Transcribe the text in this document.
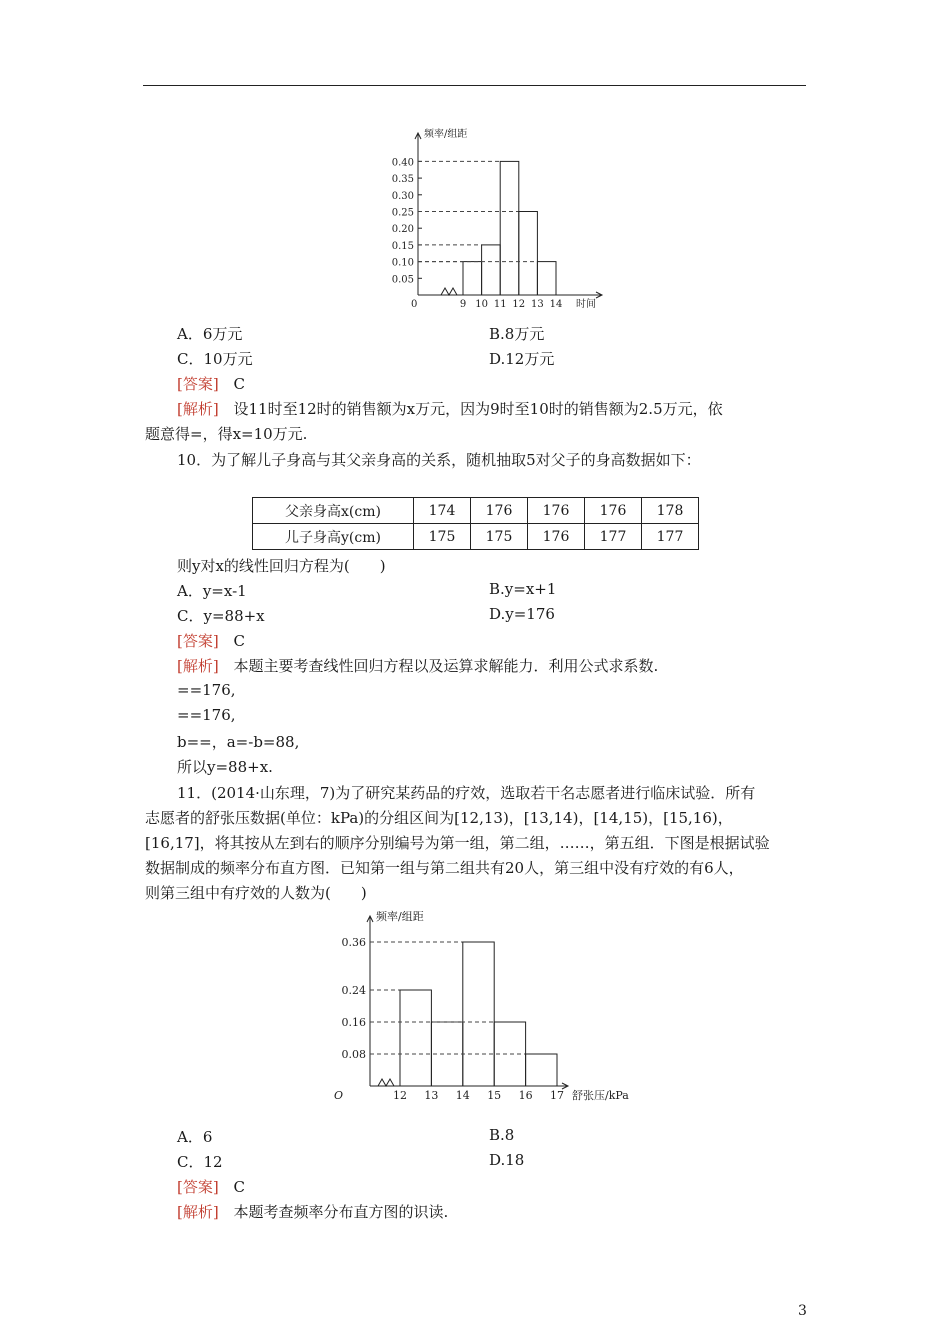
频率/组距
0	时间
0.40
0.35
0.30
0.25
0.20
0.15
0.10
0.05
9 10 11 12 13 14
A．6万元	B.8万元
C．10万元	D.12万元
[答案] C
[解析] 设11时至12时的销售额为x万元，因为9时至10时的销售额为2.5万元，依
题意得=，得x=10万元.
10．为了解儿子身高与其父亲身高的关系，随机抽取5对父子的身高数据如下：
父亲身高x(cm)	174	176	176	176	178
儿子身高y(cm)	175	175	176	177	177
则y对x的线性回归方程为(　　)
A．y=x-1	B.y=x+1
C．y=88+x	D.y=176
[答案] C
[解析] 本题主要考查线性回归方程以及运算求解能力．利用公式求系数.
==176,
==176,
b==，a=-b=88,
所以y=88+x.
11．(2014·山东理，7)为了研究某药品的疗效，选取若干名志愿者进行临床试验．所有
志愿者的舒张压数据(单位：kPa)的分组区间为[12,13)，[13,14)，[14,15)，[15,16)，
[16,17]，将其按从左到右的顺序分别编号为第一组，第二组，……，第五组．下图是根据试验
数据制成的频率分布直方图．已知第一组与第二组共有20人，第三组中没有疗效的有6人，
则第三组中有疗效的人数为(　　)
频率/组距
O	舒张压/kPa
0.36
0.24
0.16
0.08
12 13 14 15 16 17
A．6	B.8
C．12	D.18
[答案] C
[解析] 本题考查频率分布直方图的识读.
3
